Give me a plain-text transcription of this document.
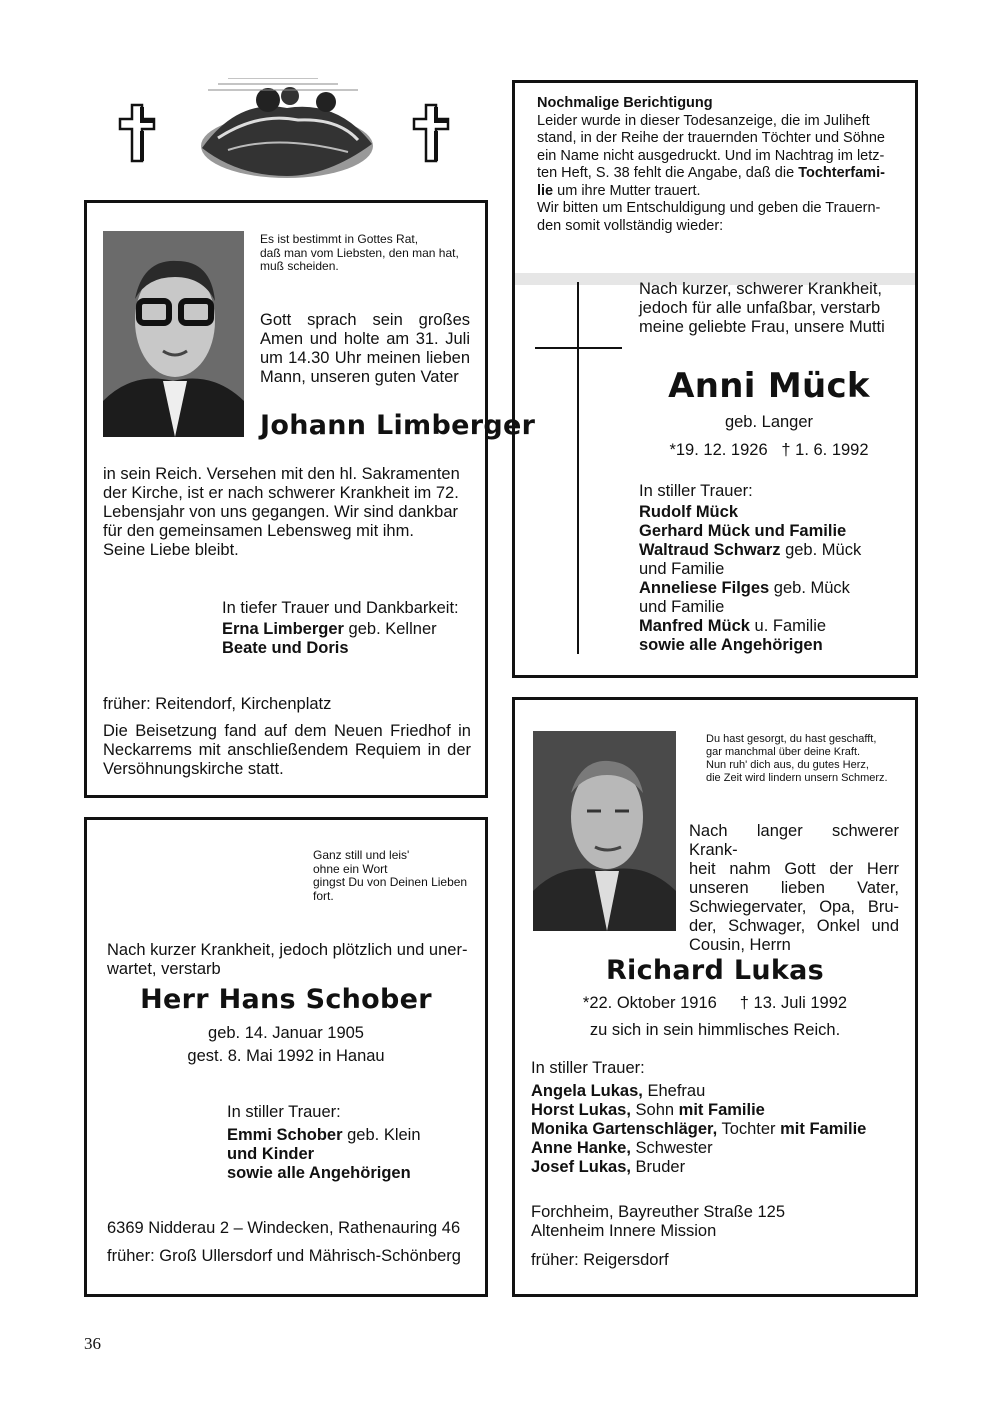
Es ist bestimmt in Gottes Rat,
daß man vom Liebsten, den man hat,
muß scheiden.
Gott sprach sein großes
Amen und holte am 31. Juli
um 14.30 Uhr meinen lieben
Mann, unseren guten Vater
Johann Limberger
in sein Reich. Versehen mit den hl. Sakramenten
der Kirche, ist er nach schwerer Krankheit im 72.
Lebensjahr von uns gegangen. Wir sind dankbar
für den gemeinsamen Lebensweg mit ihm.
Seine Liebe bleibt.
In tiefer Trauer und Dankbarkeit:
Erna Limberger geb. Kellner
Beate und Doris
früher: Reitendorf, Kirchenplatz
Die Beisetzung fand auf dem Neuen Friedhof in
Neckarrems mit anschließendem Requiem in der
Versöhnungskirche statt.
Nochmalige Berichtigung
Leider wurde in dieser Todesanzeige, die im Juliheft
stand, in der Reihe der trauernden Töchter und Söhne
ein Name nicht ausgedruckt. Und im Nachtrag im letz-
ten Heft, S. 38 fehlt die Angabe, daß die Tochterfami-
lie um ihre Mutter trauert.
Wir bitten um Entschuldigung und geben die Trauern-
den somit vollständig wieder:
Nach kurzer, schwerer Krankheit,
jedoch für alle unfaßbar, verstarb
meine geliebte Frau, unsere Mutti
Anni Mück
geb. Langer
*19. 12. 1926   † 1. 6. 1992
In stiller Trauer:
Rudolf Mück
Gerhard Mück und Familie
Waltraud Schwarz geb. Mück
und Familie
Anneliese Filges geb. Mück
und Familie
Manfred Mück u. Familie
sowie alle Angehörigen
Ganz still und leis'
ohne ein Wort
gingst Du von Deinen Lieben
fort.
Nach kurzer Krankheit, jedoch plötzlich und uner-
wartet, verstarb
Herr Hans Schober
geb. 14. Januar 1905
gest. 8. Mai 1992 in Hanau
In stiller Trauer:
Emmi Schober geb. Klein
und Kinder
sowie alle Angehörigen
6369 Nidderau 2 – Windecken, Rathenauring 46
früher: Groß Ullersdorf und Mährisch-Schönberg
Du hast gesorgt, du hast geschafft,
gar manchmal über deine Kraft.
Nun ruh' dich aus, du gutes Herz,
die Zeit wird lindern unsern Schmerz.
Nach langer schwerer Krank-
heit nahm Gott der Herr
unseren lieben Vater,
Schwiegervater, Opa, Bru-
der, Schwager, Onkel und
Cousin, Herrn
Richard Lukas
*22. Oktober 1916     † 13. Juli 1992
zu sich in sein himmlisches Reich.
In stiller Trauer:
Angela Lukas, Ehefrau
Horst Lukas, Sohn mit Familie
Monika Gartenschläger, Tochter mit Familie
Anne Hanke, Schwester
Josef Lukas, Bruder
Forchheim, Bayreuther Straße 125
Altenheim Innere Mission
früher: Reigersdorf
36
